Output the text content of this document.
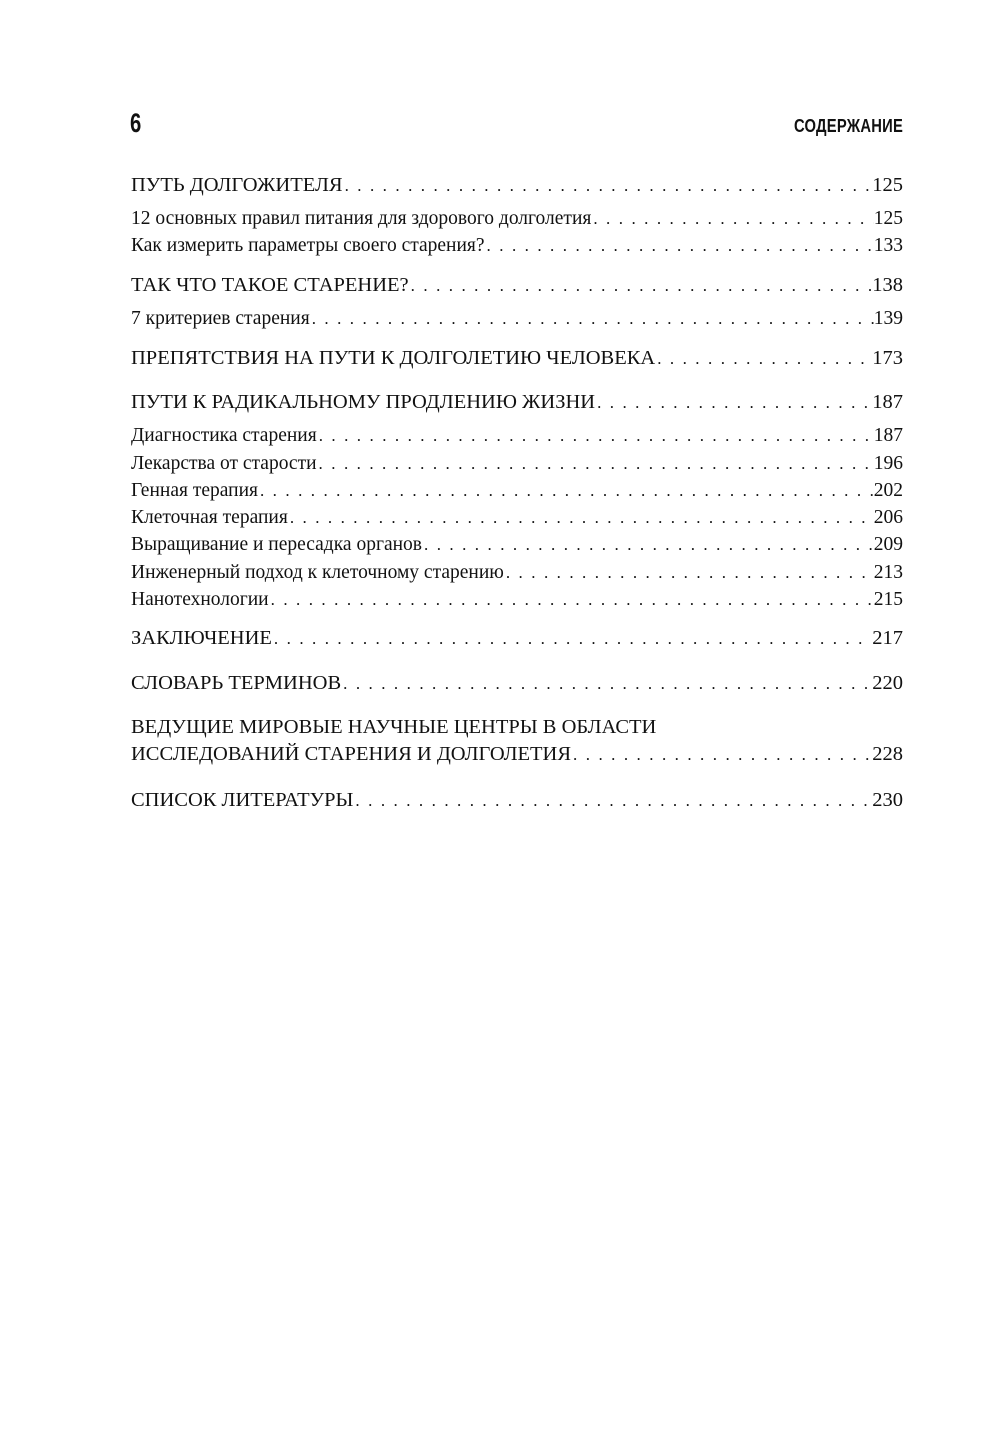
6	СОДЕРЖАНИЕ
ПУТЬ ДОЛГОЖИТЕЛЯ . . .	125
12 основных правил питания для здорового долголетия . . .	125
Как измерить параметры своего старения? . . .	133
ТАК ЧТО ТАКОЕ СТАРЕНИЕ? . . .	138
7 критериев старения . . .	139
ПРЕПЯТСТВИЯ НА ПУТИ К ДОЛГОЛЕТИЮ ЧЕЛОВЕКА . . .	173
ПУТИ К РАДИКАЛЬНОМУ ПРОДЛЕНИЮ ЖИЗНИ . . .	187
Диагностика старения . . .	187
Лекарства от старости . . .	196
Генная терапия . . .	202
Клеточная терапия . . .	206
Выращивание и пересадка органов . . .	209
Инженерный подход к клеточному старению . . .	213
Нанотехнологии . . .	215
ЗАКЛЮЧЕНИЕ . . .	217
СЛОВАРЬ ТЕРМИНОВ . . .	220
ВЕДУЩИЕ МИРОВЫЕ НАУЧНЫЕ ЦЕНТРЫ В ОБЛАСТИ
ИССЛЕДОВАНИЙ СТАРЕНИЯ И ДОЛГОЛЕТИЯ . . .	228
СПИСОК ЛИТЕРАТУРЫ . . .	230
